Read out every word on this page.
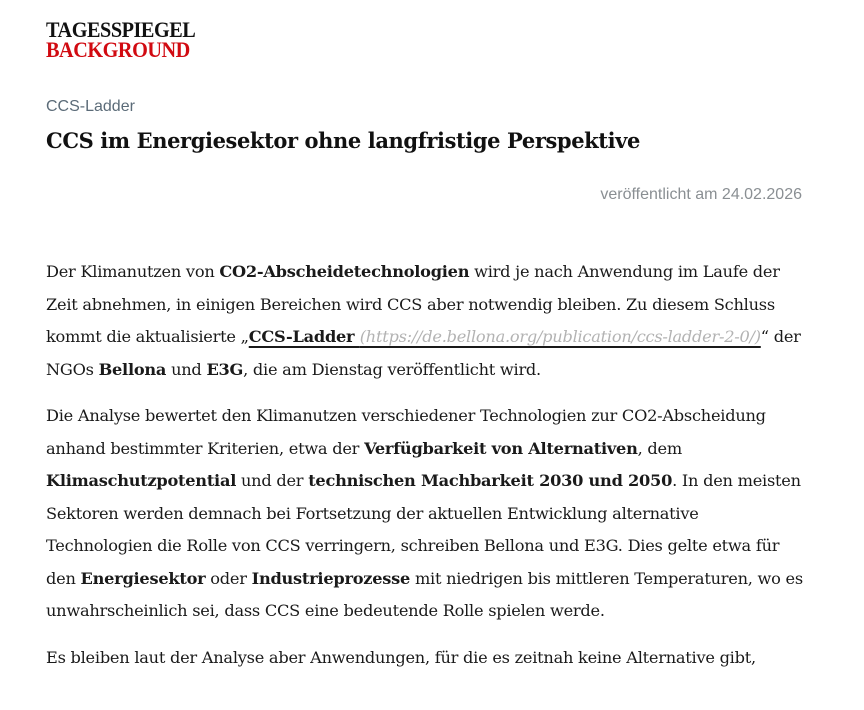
TAGESSPIEGEL
BACKGROUND
CCS-Ladder
CCS im Energiesektor ohne langfristige Perspektive
veröffentlicht am 24.02.2026

Der Klimanutzen von CO2-Abscheidetechnologien wird je nach Anwendung im Laufe der Zeit abnehmen, in einigen Bereichen wird CCS aber notwendig bleiben. Zu diesem Schluss kommt die aktualisierte „CCS-Ladder (https://de.bellona.org/publication/ccs-ladder-2-0/)“ der NGOs Bellona und E3G, die am Dienstag veröffentlicht wird.

Die Analyse bewertet den Klimanutzen verschiedener Technologien zur CO2-Abscheidung anhand bestimmter Kriterien, etwa der Verfügbarkeit von Alternativen, dem Klimaschutzpotential und der technischen Machbarkeit 2030 und 2050. In den meisten Sektoren werden demnach bei Fortsetzung der aktuellen Entwicklung alternative Technologien die Rolle von CCS verringern, schreiben Bellona und E3G. Dies gelte etwa für den Energiesektor oder Industrieprozesse mit niedrigen bis mittleren Temperaturen, wo es unwahrscheinlich sei, dass CCS eine bedeutende Rolle spielen werde.

Es bleiben laut der Analyse aber Anwendungen, für die es zeitnah keine Alternative gibt,
